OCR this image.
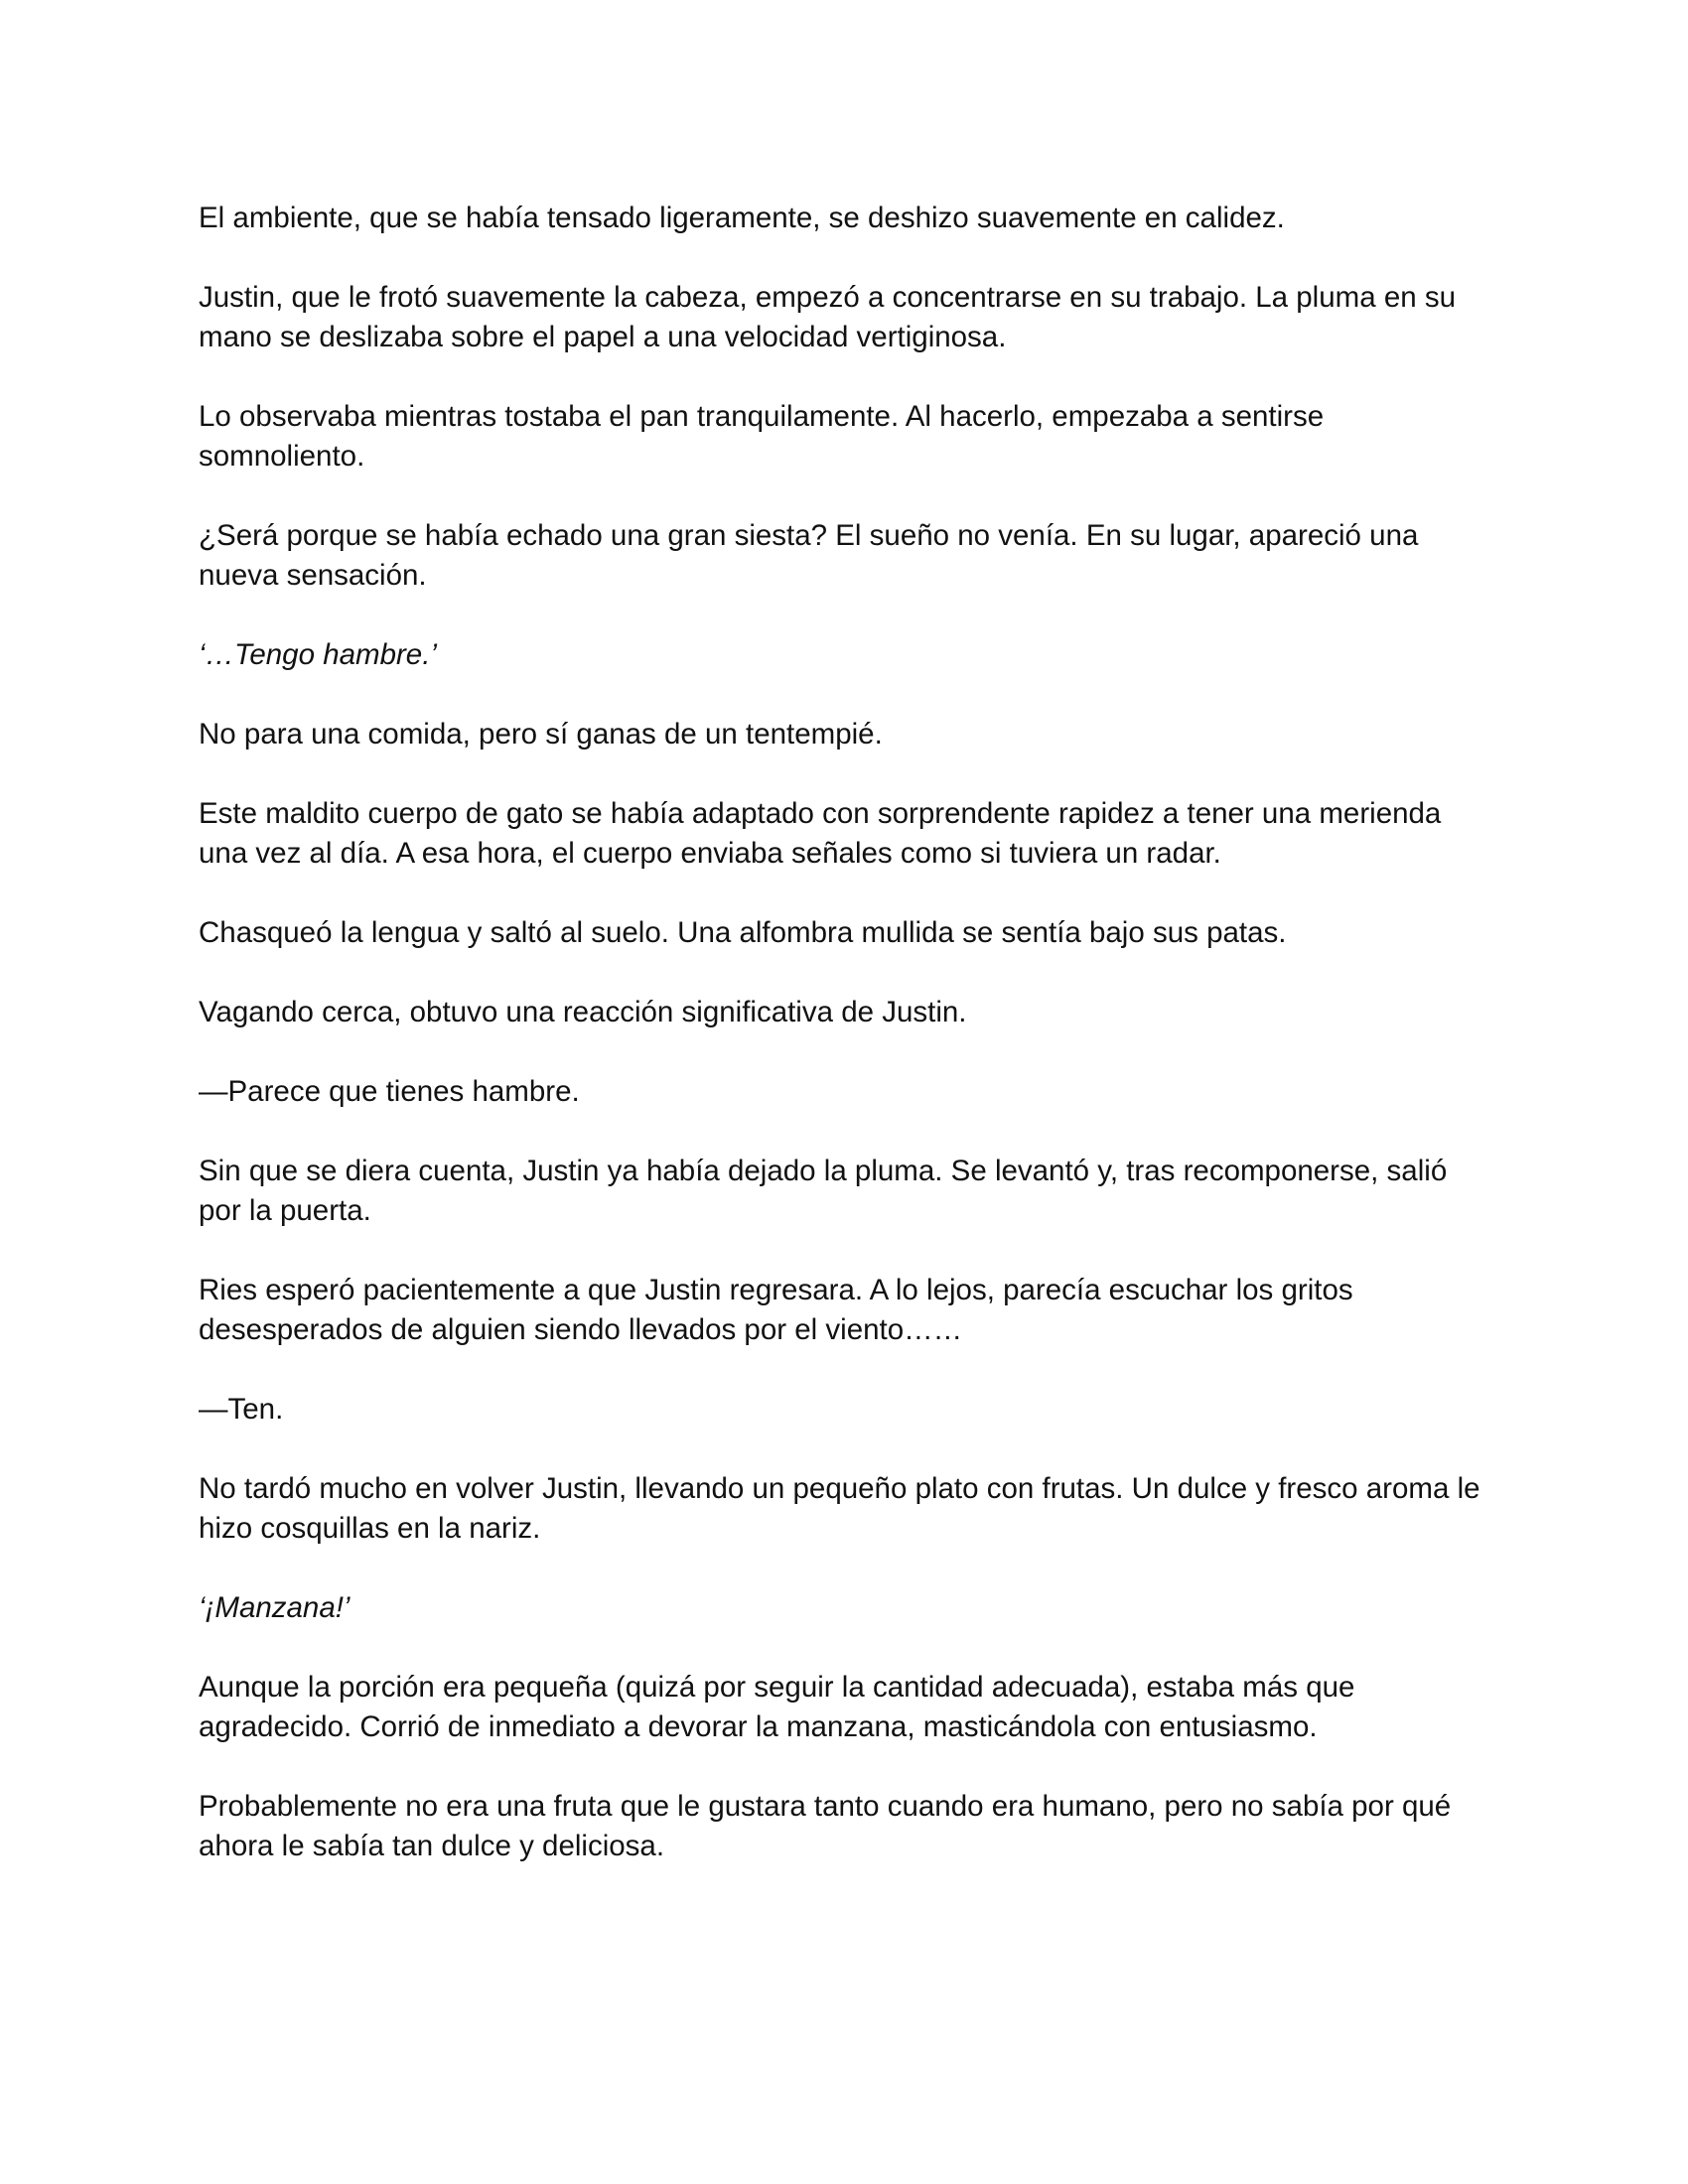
El ambiente, que se había tensado ligeramente, se deshizo suavemente en calidez.

Justin, que le frotó suavemente la cabeza, empezó a concentrarse en su trabajo. La pluma en su mano se deslizaba sobre el papel a una velocidad vertiginosa.

Lo observaba mientras tostaba el pan tranquilamente. Al hacerlo, empezaba a sentirse somnoliento.

¿Será porque se había echado una gran siesta? El sueño no venía. En su lugar, apareció una nueva sensación.

‘…Tengo hambre.’

No para una comida, pero sí ganas de un tentempié.

Este maldito cuerpo de gato se había adaptado con sorprendente rapidez a tener una merienda una vez al día. A esa hora, el cuerpo enviaba señales como si tuviera un radar.

Chasqueó la lengua y saltó al suelo. Una alfombra mullida se sentía bajo sus patas.

Vagando cerca, obtuvo una reacción significativa de Justin.

—Parece que tienes hambre.

Sin que se diera cuenta, Justin ya había dejado la pluma. Se levantó y, tras recomponerse, salió por la puerta.

Ries esperó pacientemente a que Justin regresara. A lo lejos, parecía escuchar los gritos desesperados de alguien siendo llevados por el viento……

—Ten.

No tardó mucho en volver Justin, llevando un pequeño plato con frutas. Un dulce y fresco aroma le hizo cosquillas en la nariz.

‘¡Manzana!’

Aunque la porción era pequeña (quizá por seguir la cantidad adecuada), estaba más que agradecido. Corrió de inmediato a devorar la manzana, masticándola con entusiasmo.

Probablemente no era una fruta que le gustara tanto cuando era humano, pero no sabía por qué ahora le sabía tan dulce y deliciosa.
